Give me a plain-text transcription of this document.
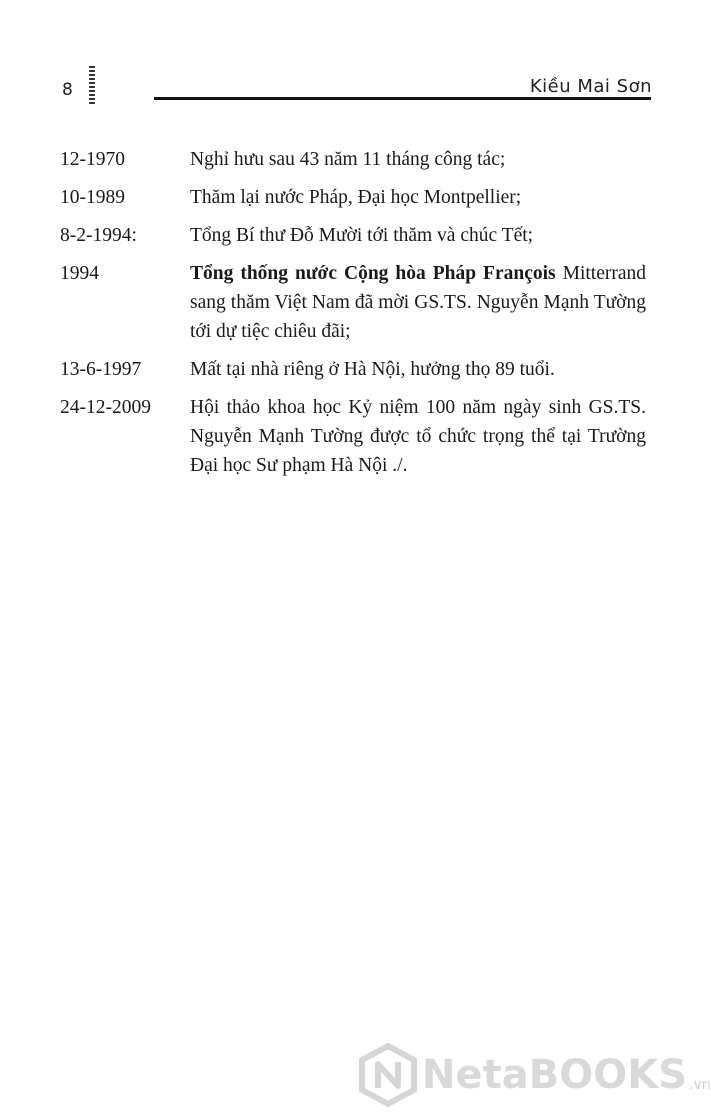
8	Kiều Mai Sơn
12-1970	Nghỉ hưu sau 43 năm 11 tháng công tác;
10-1989	Thăm lại nước Pháp, Đại học Montpellier;
8-2-1994:	Tổng Bí thư Đỗ Mười tới thăm và chúc Tết;
1994	Tổng thống nước Cộng hòa Pháp François Mitterrand sang thăm Việt Nam đã mời GS.TS. Nguyễn Mạnh Tường tới dự tiệc chiêu đãi;
13-6-1997	Mất tại nhà riêng ở Hà Nội, hưởng thọ 89 tuổi.
24-12-2009	Hội thảo khoa học Kỷ niệm 100 năm ngày sinh GS.TS. Nguyễn Mạnh Tường được tổ chức trọng thể tại Trường Đại học Sư phạm Hà Nội ./.
NetaBOOKS .vn
